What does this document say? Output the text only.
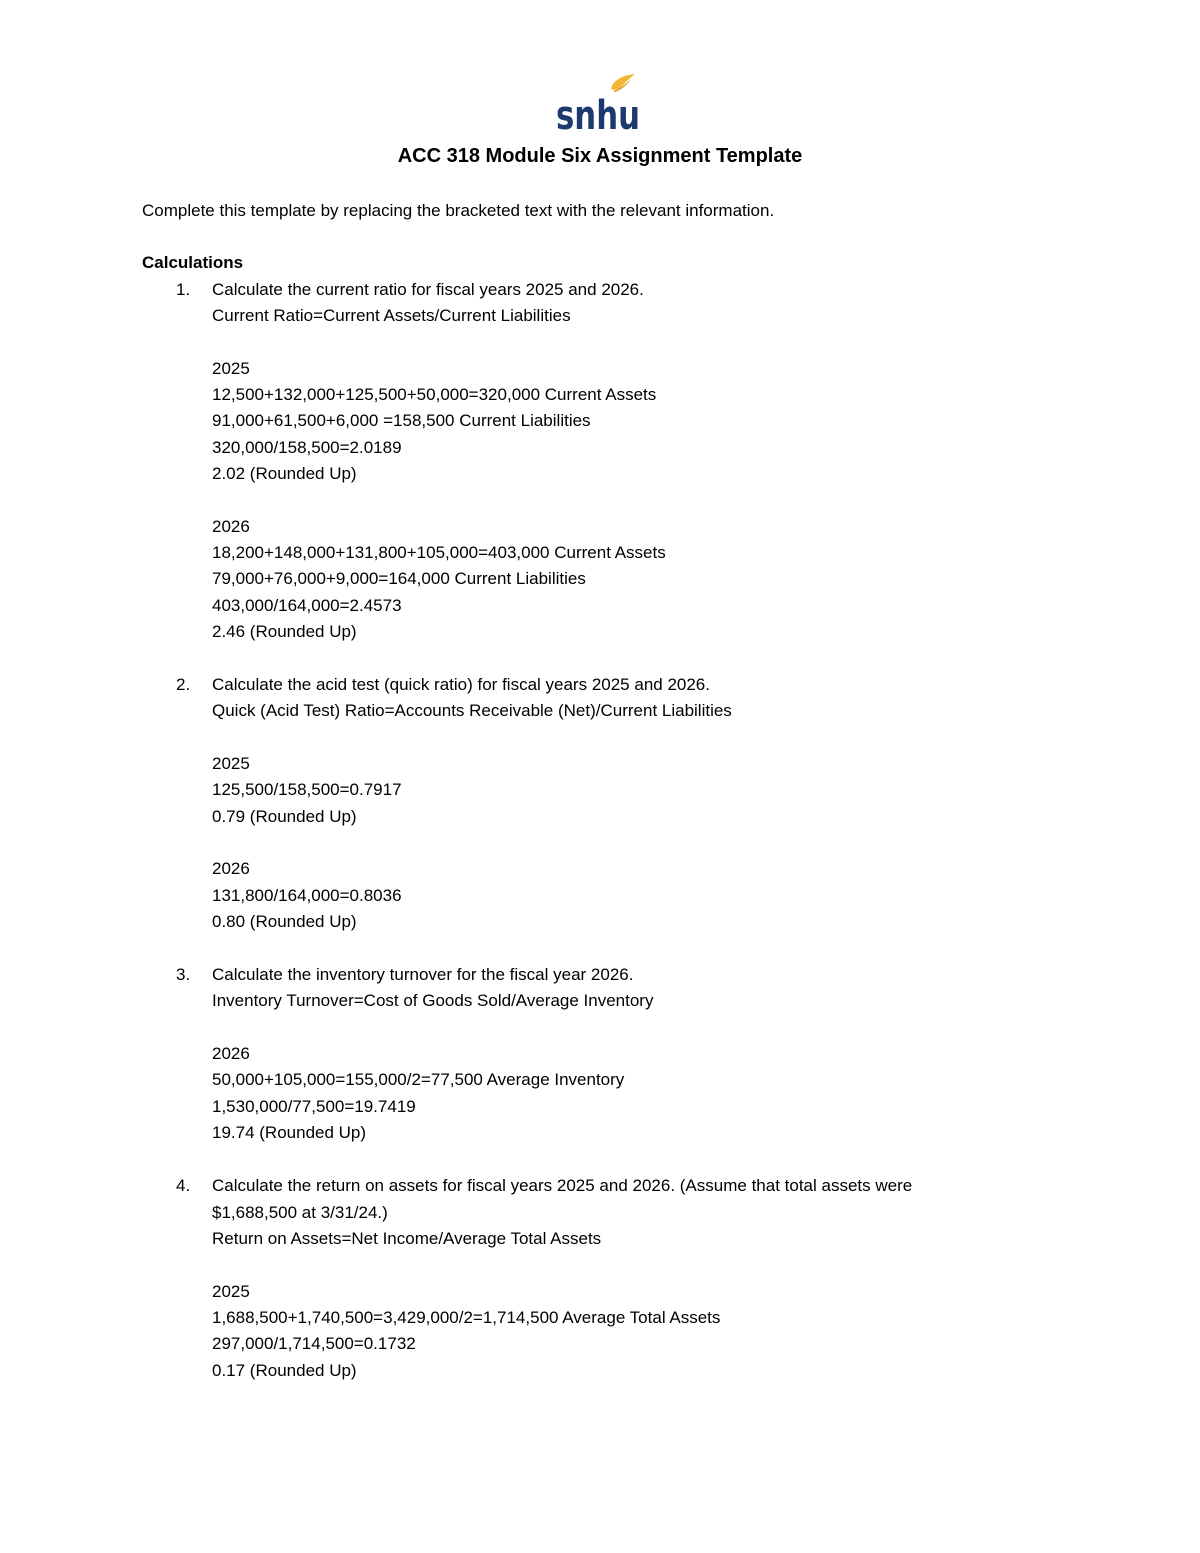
snhu
ACC 318 Module Six Assignment Template
Complete this template by replacing the bracketed text with the relevant information.
Calculations
1. Calculate the current ratio for fiscal years 2025 and 2026.
Current Ratio=Current Assets/Current Liabilities
2025
12,500+132,000+125,500+50,000=320,000 Current Assets
91,000+61,500+6,000 =158,500 Current Liabilities
320,000/158,500=2.0189
2.02 (Rounded Up)
2026
18,200+148,000+131,800+105,000=403,000 Current Assets
79,000+76,000+9,000=164,000 Current Liabilities
403,000/164,000=2.4573
2.46 (Rounded Up)
2. Calculate the acid test (quick ratio) for fiscal years 2025 and 2026.
Quick (Acid Test) Ratio=Accounts Receivable (Net)/Current Liabilities
2025
125,500/158,500=0.7917
0.79 (Rounded Up)
2026
131,800/164,000=0.8036
0.80 (Rounded Up)
3. Calculate the inventory turnover for the fiscal year 2026.
Inventory Turnover=Cost of Goods Sold/Average Inventory
2026
50,000+105,000=155,000/2=77,500 Average Inventory
1,530,000/77,500=19.7419
19.74 (Rounded Up)
4. Calculate the return on assets for fiscal years 2025 and 2026. (Assume that total assets were
$1,688,500 at 3/31/24.)
Return on Assets=Net Income/Average Total Assets
2025
1,688,500+1,740,500=3,429,000/2=1,714,500 Average Total Assets
297,000/1,714,500=0.1732
0.17 (Rounded Up)
